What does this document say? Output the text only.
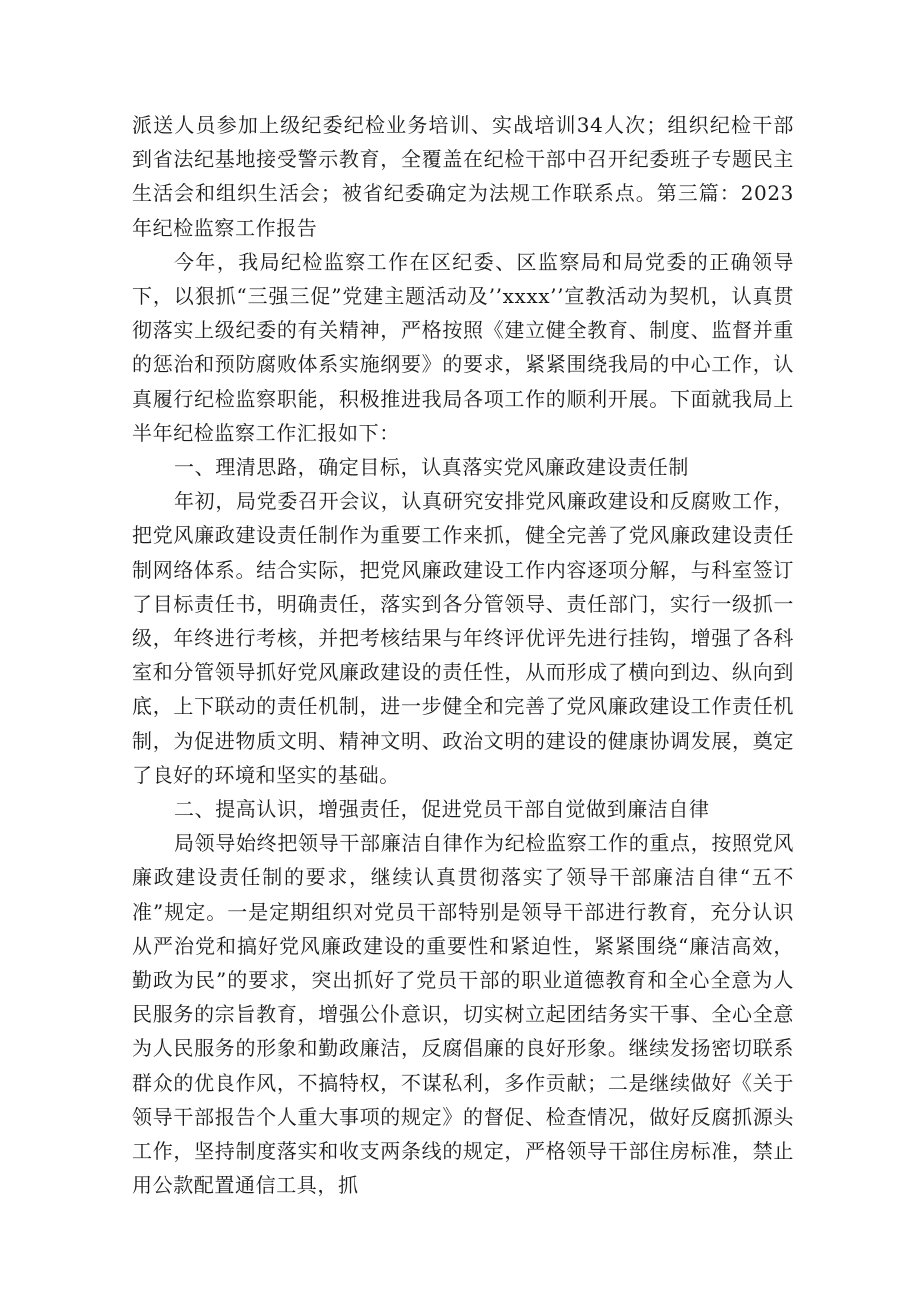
派送人员参加上级纪委纪检业务培训、实战培训34人次；组织纪检干部到省法纪基地接受警示教育，全覆盖在纪检干部中召开纪委班子专题民主生活会和组织生活会；被省纪委确定为法规工作联系点。第三篇：2023年纪检监察工作报告

今年，我局纪检监察工作在区纪委、区监察局和局党委的正确领导下，以狠抓“三强三促”党建主题活动及’’xxxx’’宣教活动为契机，认真贯彻落实上级纪委的有关精神，严格按照《建立健全教育、制度、监督并重的惩治和预防腐败体系实施纲要》的要求，紧紧围绕我局的中心工作，认真履行纪检监察职能，积极推进我局各项工作的顺利开展。下面就我局上半年纪检监察工作汇报如下：

一、理清思路，确定目标，认真落实党风廉政建设责任制

年初，局党委召开会议，认真研究安排党风廉政建设和反腐败工作，把党风廉政建设责任制作为重要工作来抓，健全完善了党风廉政建设责任制网络体系。结合实际，把党风廉政建设工作内容逐项分解，与科室签订了目标责任书，明确责任，落实到各分管领导、责任部门，实行一级抓一级，年终进行考核，并把考核结果与年终评优评先进行挂钩，增强了各科室和分管领导抓好党风廉政建设的责任性，从而形成了横向到边、纵向到底，上下联动的责任机制，进一步健全和完善了党风廉政建设工作责任机制，为促进物质文明、精神文明、政治文明的建设的健康协调发展，奠定了良好的环境和坚实的基础。

二、提高认识，增强责任，促进党员干部自觉做到廉洁自律

局领导始终把领导干部廉洁自律作为纪检监察工作的重点，按照党风廉政建设责任制的要求，继续认真贯彻落实了领导干部廉洁自律“五不准”规定。一是定期组织对党员干部特别是领导干部进行教育，充分认识从严治党和搞好党风廉政建设的重要性和紧迫性，紧紧围绕“廉洁高效，勤政为民”的要求，突出抓好了党员干部的职业道德教育和全心全意为人民服务的宗旨教育，增强公仆意识，切实树立起团结务实干事、全心全意为人民服务的形象和勤政廉洁，反腐倡廉的良好形象。继续发扬密切联系群众的优良作风，不搞特权，不谋私利，多作贡献；二是继续做好《关于领导干部报告个人重大事项的规定》的督促、检查情况，做好反腐抓源头工作，坚持制度落实和收支两条线的规定，严格领导干部住房标准，禁止用公款配置通信工具，抓
